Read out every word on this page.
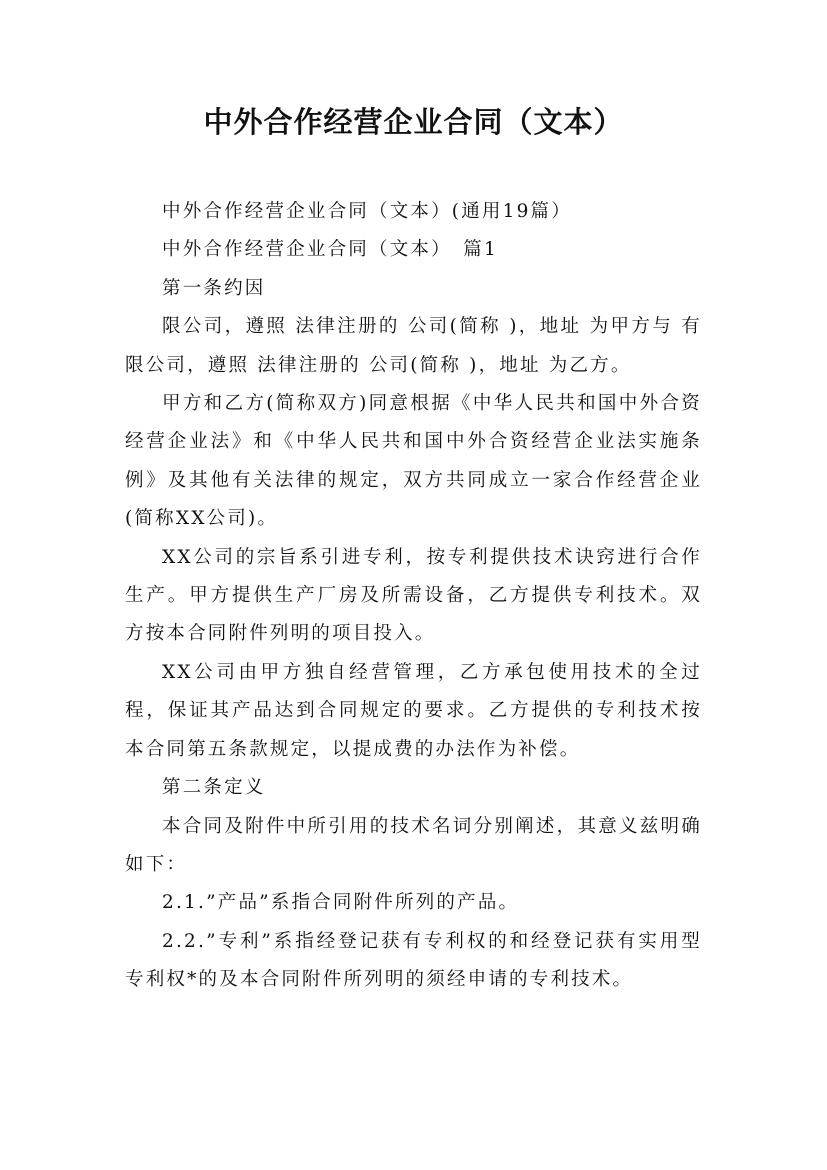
中外合作经营企业合同（文本）

中外合作经营企业合同（文本）(通用19篇）

中外合作经营企业合同（文本）　篇1

第一条约因

限公司，遵照 法律注册的 公司(简称 )，地址 为甲方与 有限公司，遵照 法律注册的 公司(简称 )，地址 为乙方。

甲方和乙方(简称双方)同意根据《中华人民共和国中外合资经营企业法》和《中华人民共和国中外合资经营企业法实施条例》及其他有关法律的规定，双方共同成立一家合作经营企业(简称XX公司)。

XX公司的宗旨系引进专利，按专利提供技术诀窍进行合作生产。甲方提供生产厂房及所需设备，乙方提供专利技术。双方按本合同附件列明的项目投入。

XX公司由甲方独自经营管理，乙方承包使用技术的全过程，保证其产品达到合同规定的要求。乙方提供的专利技术按本合同第五条款规定，以提成费的办法作为补偿。

第二条定义

本合同及附件中所引用的技术名词分别阐述，其意义兹明确如下：

2.1.”产品”系指合同附件所列的产品。

2.2.”专利”系指经登记获有专利权的和经登记获有实用型专利权*的及本合同附件所列明的须经申请的专利技术。
